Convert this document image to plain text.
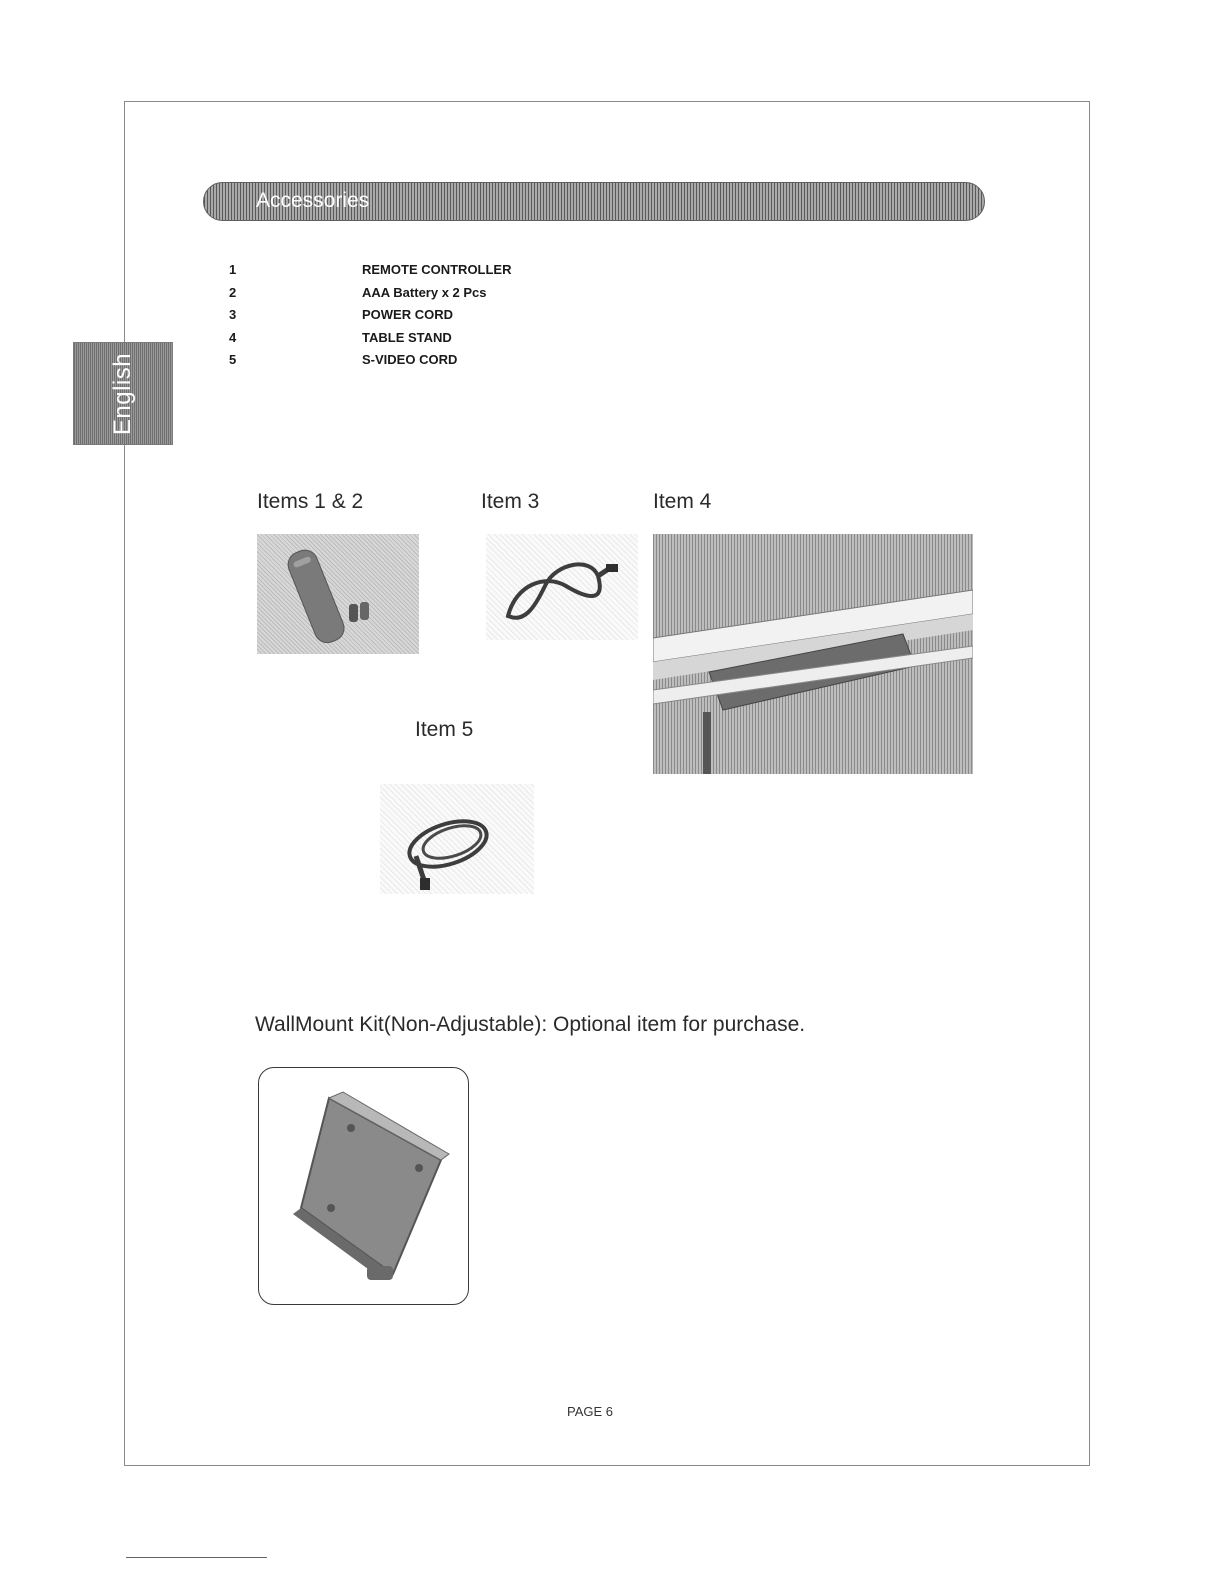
English
Accessories
1	REMOTE CONTROLLER
2	AAA Battery x 2 Pcs
3	POWER CORD
4	TABLE STAND
5	S-VIDEO CORD
Items 1 & 2	Item 3	Item 4
Item 5
WallMount Kit(Non-Adjustable): Optional item for purchase.
PAGE 6
